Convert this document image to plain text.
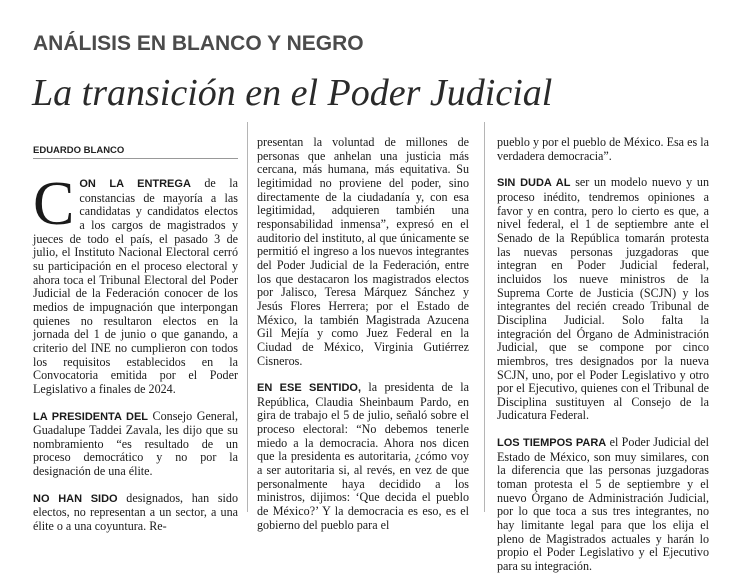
ANÁLISIS EN BLANCO Y NEGRO
La transición en el Poder Judicial
EDUARDO BLANCO

CON LA ENTREGA de la constancias de mayoría a las candidatas y candidatos electos a los cargos de magistrados y jueces de todo el país, el pasado 3 de julio, el Instituto Nacional Electoral cerró su participación en el proceso electoral y ahora toca el Tribunal Electoral del Poder Judicial de la Federación conocer de los medios de impugnación que interpongan quienes no resultaron electos en la jornada del 1 de junio o que ganando, a criterio del INE no cumplieron con todos los requisitos establecidos en la Convocatoria emitida por el Poder Legislativo a finales de 2024.

LA PRESIDENTA DEL Consejo General, Guadalupe Taddei Zavala, les dijo que su nombramiento “es resultado de un proceso democrático y no por la designación de una élite.

NO HAN SIDO designados, han sido electos, no representan a un sector, a una élite o a una coyuntura. Re-

presentan la voluntad de millones de personas que anhelan una justicia más cercana, más humana, más equitativa. Su legitimidad no proviene del poder, sino directamente de la ciudadanía y, con esa legitimidad, adquieren también una responsabilidad inmensa”, expresó en el auditorio del instituto, al que únicamente se permitió el ingreso a los nuevos integrantes del Poder Judicial de la Federación, entre los que destacaron los magistrados electos por Jalisco, Teresa Márquez Sánchez y Jesús Flores Herrera; por el Estado de México, la también Magistrada Azucena Gil Mejía y como Juez Federal en la Ciudad de México, Virginia Gutiérrez Cisneros.

EN ESE SENTIDO, la presidenta de la República, Claudia Sheinbaum Pardo, en gira de trabajo el 5 de julio, señaló sobre el proceso electoral: “No debemos tenerle miedo a la democracia. Ahora nos dicen que la presidenta es autoritaria, ¿cómo voy a ser autoritaria si, al revés, en vez de que personalmente haya decidido a los ministros, dijimos: ‘Que decida el pueblo de México?’ Y la democracia es eso, es el gobierno del pueblo para el

pueblo y por el pueblo de México. Esa es la verdadera democracia”.

SIN DUDA AL ser un modelo nuevo y un proceso inédito, tendremos opiniones a favor y en contra, pero lo cierto es que, a nivel federal, el 1 de septiembre ante el Senado de la República tomarán protesta las nuevas personas juzgadoras que integran en Poder Judicial federal, incluidos los nueve ministros de la Suprema Corte de Justicia (SCJN) y los integrantes del recién creado Tribunal de Disciplina Judicial. Solo falta la integración del Órgano de Administración Judicial, que se compone por cinco miembros, tres designados por la nueva SCJN, uno, por el Poder Legislativo y otro por el Ejecutivo, quienes con el Tribunal de Disciplina sustituyen al Consejo de la Judicatura Federal.

LOS TIEMPOS PARA el Poder Judicial del Estado de México, son muy similares, con la diferencia que las personas juzgadoras toman protesta el 5 de septiembre y el nuevo Órgano de Administración Judicial, por lo que toca a sus tres integrantes, no hay limitante legal para que los elija el pleno de Magistrados actuales y harán lo propio el Poder Legislativo y el Ejecutivo para su integración.
